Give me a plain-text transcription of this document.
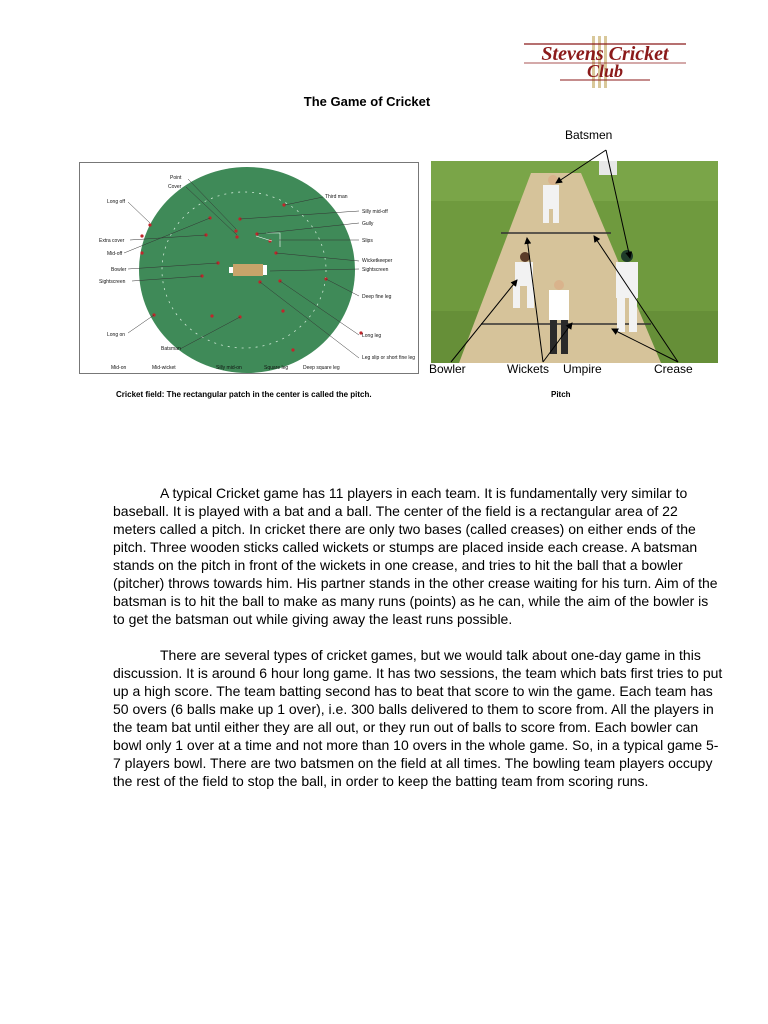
Stevens Cricket
Club
The Game of Cricket
Point
Cover
Long off
Third man
Silly mid-off
Gully
Extra cover	Slips
Mid-off
Wicketkeeper
Bowler	Sightscreen
Sightscreen
Deep fine leg
Long on	Long leg
Batsman
Leg slip or short fine leg
Mid-on	Mid-wicket	Silly mid-on	Square leg	Deep square leg
Batsmen
Bowler	Wickets Umpire	Crease
Cricket field: The rectangular patch in the center is called the pitch.	Pitch

A typical Cricket game has 11 players in each team. It is fundamentally very similar to baseball. It is played with a bat and a ball. The center of the field is a rectangular area of 22 meters called a pitch. In cricket there are only two bases (called creases) on either ends of the pitch. Three wooden sticks called wickets or stumps are placed inside each crease. A batsman stands on the pitch in front of the wickets in one crease, and tries to hit the ball that a bowler (pitcher) throws towards him. His partner stands in the other crease waiting for his turn. Aim of the batsman is to hit the ball to make as many runs (points) as he can, while the aim of the bowler is to get the batsman out while giving away the least runs possible.

There are several types of cricket games, but we would talk about one-day game in this discussion. It is around 6 hour long game. It has two sessions, the team which bats first tries to put up a high score. The team batting second has to beat that score to win the game. Each team has 50 overs (6 balls make up 1 over), i.e. 300 balls delivered to them to score from. All the players in the team bat until either they are all out, or they run out of balls to score from. Each bowler can bowl only 1 over at a time and not more than 10 overs in the whole game. So, in a typical game 5-7 players bowl. There are two batsmen on the field at all times. The bowling team players occupy the rest of the field to stop the ball, in order to keep the batting team from scoring runs.
